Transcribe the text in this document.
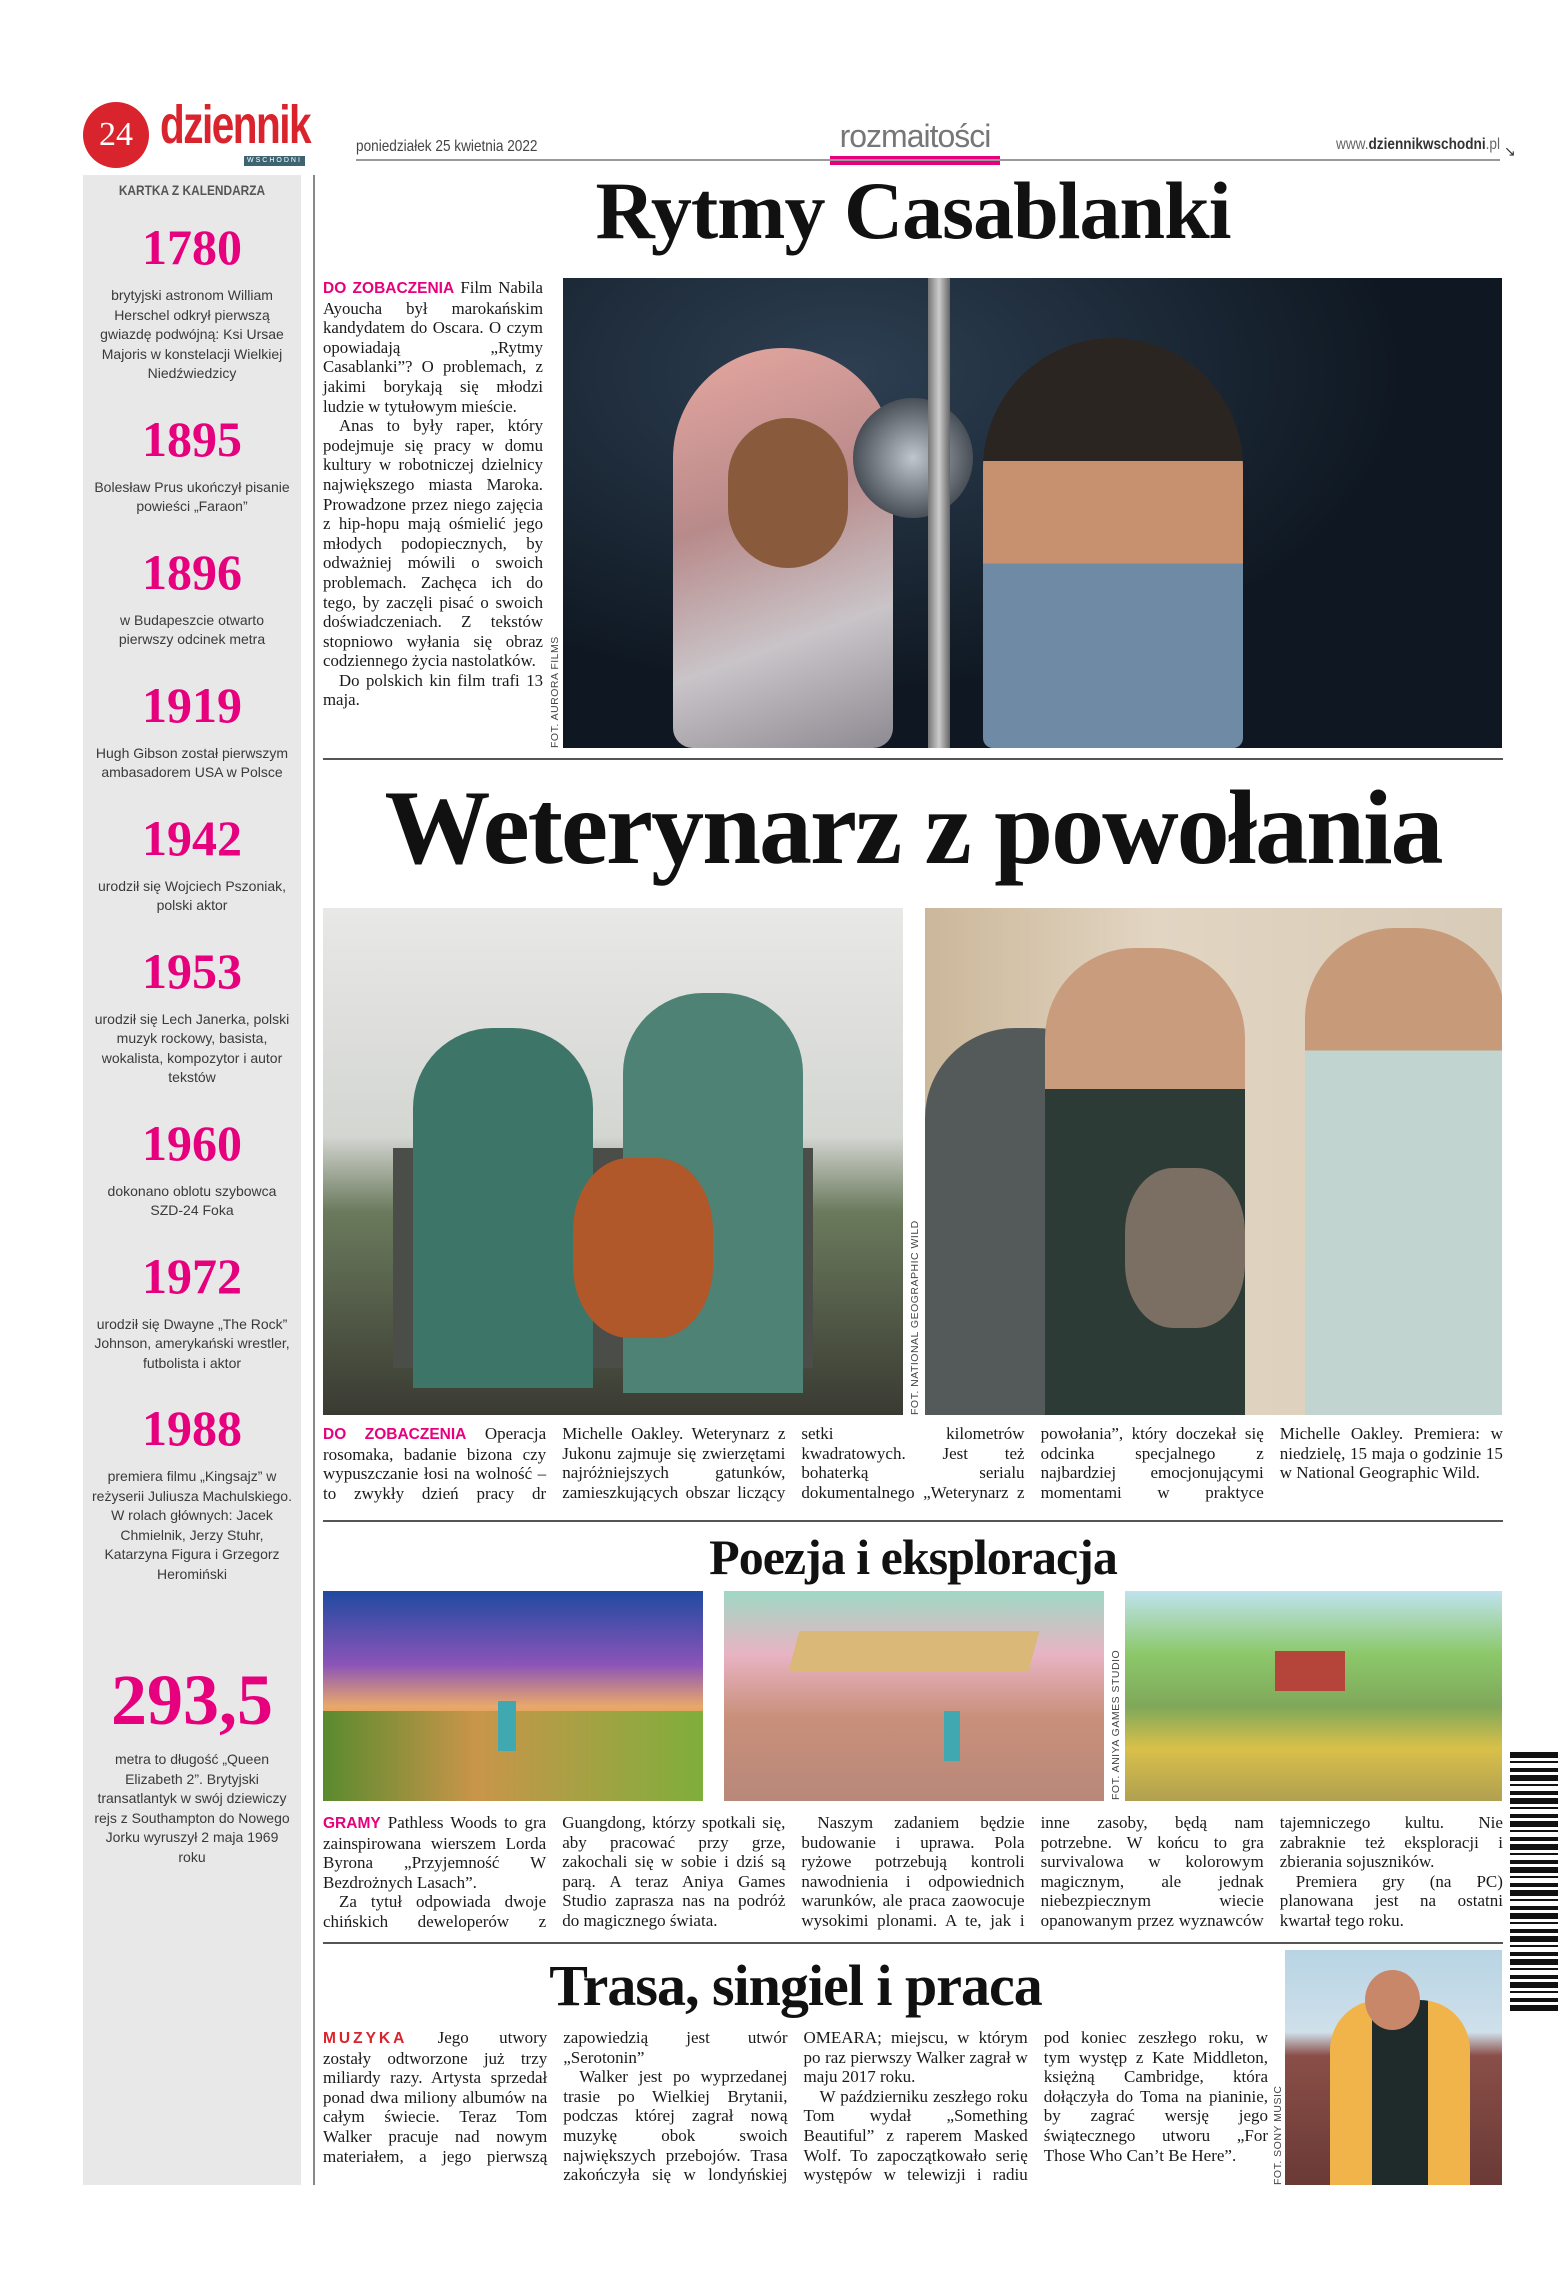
24 dziennik
WSCHODNI
poniedziałek 25 kwietnia 2022	rozmaitości	www.dziennikwschodni.pl ↘
KARTKA Z KALENDARZA
1780
brytyjski astronom William Herschel odkrył pierwszą gwiazdę podwójną: Ksi Ursae Majoris w konstelacji Wielkiej Niedźwiedzicy
1895
Bolesław Prus ukończył pisanie powieści „Faraon”
1896
w Budapeszcie otwarto pierwszy odcinek metra
1919
Hugh Gibson został pierwszym ambasadorem USA w Polsce
1942
urodził się Wojciech Pszoniak, polski aktor
1953
urodził się Lech Janerka, polski muzyk rockowy, basista, wokalista, kompozytor i autor tekstów
1960
dokonano oblotu szybowca SZD-24 Foka
1972
urodził się Dwayne „The Rock” Johnson, amerykański wrestler, futbolista i aktor
1988
premiera filmu „Kingsajz” w reżyserii Juliusza Machulskiego. W rolach głównych: Jacek Chmielnik, Jerzy Stuhr, Katarzyna Figura i Grzegorz Heromiński
293,5
metra to długość „Queen Elizabeth 2”. Brytyjski transatlantyk w swój dziewiczy rejs z Southampton do Nowego Jorku wyruszył 2 maja 1969 roku
Rytmy Casablanki

DO ZOBACZENIA Film Nabila Ayoucha był marokańskim kandydatem do Oscara. O czym opowiadają „Rytmy Casablanki”? O problemach, z jakimi borykają się młodzi ludzie w tytułowym mieście.

Anas to były raper, który podejmuje się pracy w domu kultury w robotniczej dzielnicy największego miasta Maroka. Prowadzone przez niego zajęcia z hip-hopu mają ośmielić jego młodych podopiecznych, by odważniej mówili o swoich problemach. Zachęca ich do tego, by zaczęli pisać o swoich doświadczeniach. Z tekstów stopniowo wyłania się obraz codziennego życia nastolatków.

Do polskich kin film trafi 13 maja.	FOT. AURORA FILMS
Weterynarz z powołania
FOT. NATIONAL GEOGRAPHIC WILD

DO ZOBACZENIA Operacja rosomaka, badanie bizona czy wypuszczanie łosi na wolność – to zwykły dzień pracy dr Michelle Oakley. Weterynarz z Jukonu zajmuje się zwierzętami najróżniejszych gatunków, zamieszkujących obszar liczący setki kilometrów kwadratowych. Jest też bohaterką serialu dokumentalnego „Weterynarz z powołania”, który doczekał się odcinka specjalnego z najbardziej emocjonującymi momentami w praktyce Michelle Oakley. Premiera: w niedzielę, 15 maja o godzinie 15 w National Geographic Wild.

Poezja i eksploracja
FOT. ANIYA GAMES STUDIO

GRAMY Pathless Woods to gra zainspirowana wierszem Lorda Byrona „Przyjemność W Bezdrożnych Lasach”.

Za tytuł odpowiada dwoje chińskich deweloperów z Guangdong, którzy spotkali się, aby pracować przy grze, zakochali się w sobie i dziś są parą. A teraz Aniya Games Studio zaprasza nas na podróż do magicznego świata.

Naszym zadaniem będzie budowanie i uprawa. Pola ryżowe potrzebują kontroli nawodnienia i odpowiednich warunków, ale praca zaowocuje wysokimi plonami. A te, jak i inne zasoby, będą nam potrzebne. W końcu to gra survivalowa w kolorowym magicznym, ale jednak niebezpiecznym wiecie opanowanym przez wyznawców tajemniczego kultu. Nie zabraknie też eksploracji i zbierania sojuszników.

Premiera gry (na PC) planowana jest na ostatni kwartał tego roku.

Trasa, singiel i praca

MUZYKA Jego utwory zostały odtworzone już trzy miliardy razy. Artysta sprzedał ponad dwa miliony albumów na całym świecie. Teraz Tom Walker pracuje nad nowym materiałem, a jego pierwszą zapowiedzią jest utwór „Serotonin”

Walker jest po wyprzedanej trasie po Wielkiej Brytanii, podczas której zagrał nową muzykę obok swoich największych przebojów. Trasa zakończyła się w londyńskiej OMEARA; miejscu, w którym po raz pierwszy Walker zagrał w maju 2017 roku.

W październiku zeszłego roku Tom wydał „Something Beautiful” z raperem Masked Wolf. To zapoczątkowało serię występów w telewizji i radiu pod koniec zeszłego roku, w tym występ z Kate Middleton, księżną Cambridge, która dołączyła do Toma na pianinie, by zagrać wersję jego świątecznego utworu „For Those Who Can’t Be Here”.	FOT. SONY MUSIC
